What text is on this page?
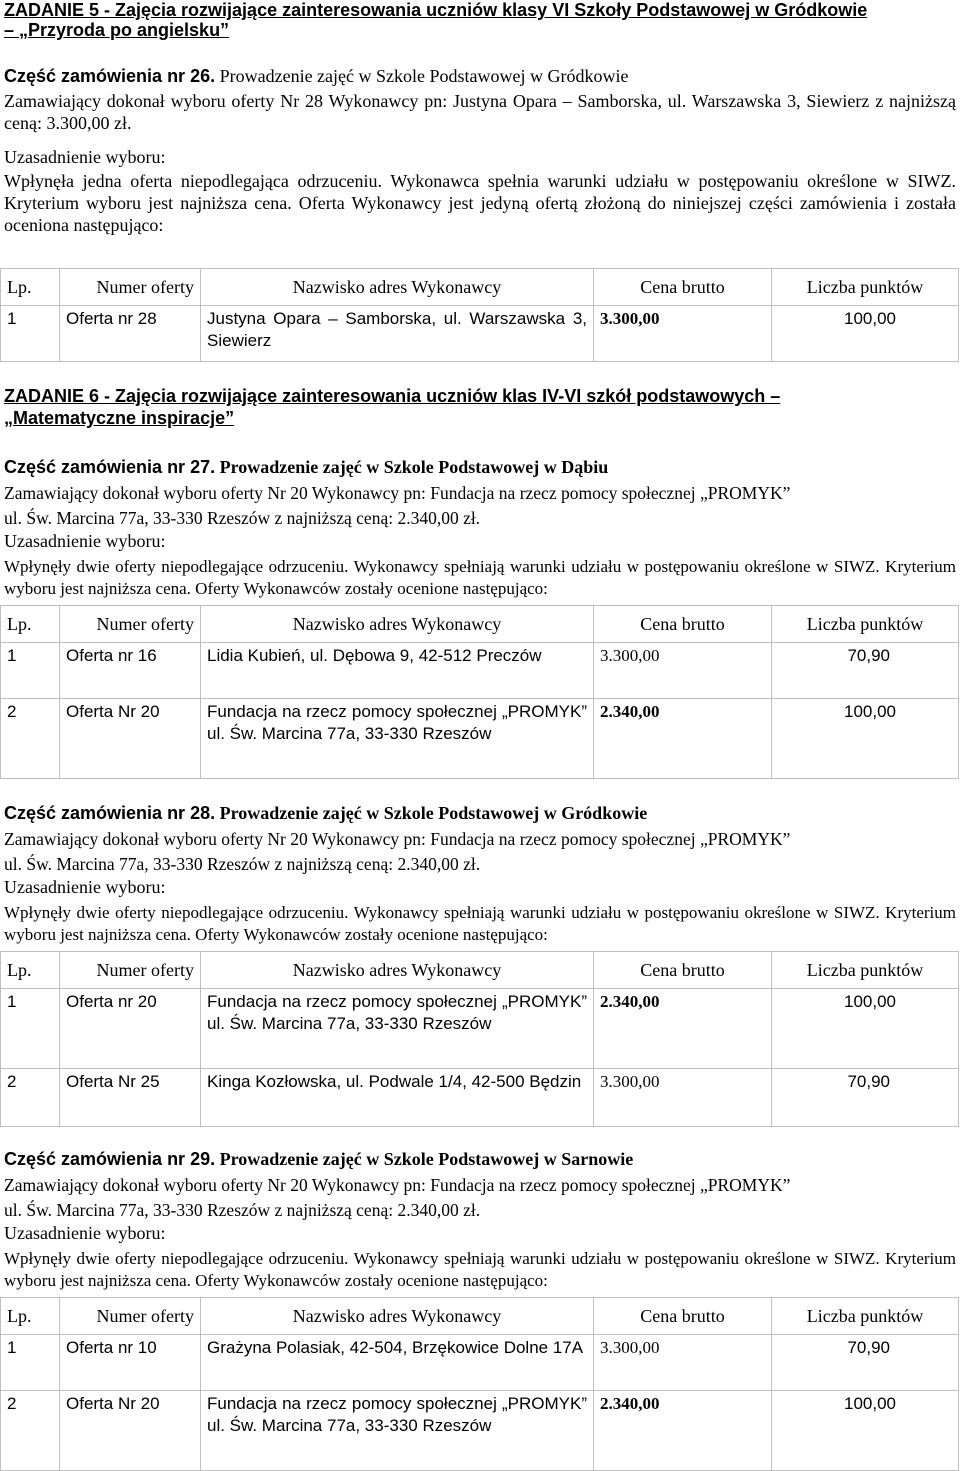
ZADANIE 5 - Zajęcia rozwijające zainteresowania uczniów klasy VI Szkoły Podstawowej w Gródkowie
– „Przyroda po angielsku”
Część zamówienia nr 26. Prowadzenie zajęć w Szkole Podstawowej w Gródkowie
Zamawiający dokonał wyboru oferty Nr 28 Wykonawcy pn: Justyna Opara – Samborska, ul. Warszawska 3, Siewierz z najniższą ceną: 3.300,00 zł.
Uzasadnienie wyboru:
Wpłynęła jedna oferta niepodlegająca odrzuceniu. Wykonawca spełnia warunki udziału w postępowaniu określone w SIWZ. Kryterium wyboru jest najniższa cena. Oferta Wykonawcy jest jedyną ofertą złożoną do niniejszej części zamówienia i została oceniona następująco:
Lp.	Numer oferty	Nazwisko adres Wykonawcy	Cena brutto	Liczba punktów
1	Oferta nr 28	Justyna Opara – Samborska, ul. Warszawska 3, Siewierz	3.300,00	100,00
ZADANIE 6 - Zajęcia rozwijające zainteresowania uczniów klas IV-VI szkół podstawowych –
„Matematyczne inspiracje”
Część zamówienia nr 27. Prowadzenie zajęć w Szkole Podstawowej w Dąbiu
Zamawiający dokonał wyboru oferty Nr 20 Wykonawcy pn: Fundacja na rzecz pomocy społecznej „PROMYK”
ul. Św. Marcina 77a, 33-330 Rzeszów z najniższą ceną: 2.340,00 zł.
Uzasadnienie wyboru:
Wpłynęły dwie oferty niepodlegające odrzuceniu. Wykonawcy spełniają warunki udziału w postępowaniu określone w SIWZ. Kryterium wyboru jest najniższa cena. Oferty Wykonawców zostały ocenione następująco:
Lp.	Numer oferty	Nazwisko adres Wykonawcy	Cena brutto	Liczba punktów
1	Oferta nr 16	Lidia Kubień, ul. Dębowa 9, 42-512 Preczów	3.300,00	70,90
2	Oferta Nr 20	Fundacja na rzecz pomocy społecznej „PROMYK” ul. Św. Marcina 77a, 33-330 Rzeszów	2.340,00	100,00
Część zamówienia nr 28. Prowadzenie zajęć w Szkole Podstawowej w Gródkowie
Zamawiający dokonał wyboru oferty Nr 20 Wykonawcy pn: Fundacja na rzecz pomocy społecznej „PROMYK”
ul. Św. Marcina 77a, 33-330 Rzeszów z najniższą ceną: 2.340,00 zł.
Uzasadnienie wyboru:
Wpłynęły dwie oferty niepodlegające odrzuceniu. Wykonawcy spełniają warunki udziału w postępowaniu określone w SIWZ. Kryterium wyboru jest najniższa cena. Oferty Wykonawców zostały ocenione następująco:
Lp.	Numer oferty	Nazwisko adres Wykonawcy	Cena brutto	Liczba punktów
1	Oferta nr 20	Fundacja na rzecz pomocy społecznej „PROMYK” ul. Św. Marcina 77a, 33-330 Rzeszów	2.340,00	100,00
2	Oferta Nr 25	Kinga Kozłowska, ul. Podwale 1/4, 42-500 Będzin	3.300,00	70,90
Część zamówienia nr 29. Prowadzenie zajęć w Szkole Podstawowej w Sarnowie
Zamawiający dokonał wyboru oferty Nr 20 Wykonawcy pn: Fundacja na rzecz pomocy społecznej „PROMYK”
ul. Św. Marcina 77a, 33-330 Rzeszów z najniższą ceną: 2.340,00 zł.
Uzasadnienie wyboru:
Wpłynęły dwie oferty niepodlegające odrzuceniu. Wykonawcy spełniają warunki udziału w postępowaniu określone w SIWZ. Kryterium wyboru jest najniższa cena. Oferty Wykonawców zostały ocenione następująco:
Lp.	Numer oferty	Nazwisko adres Wykonawcy	Cena brutto	Liczba punktów
1	Oferta nr 10	Grażyna Polasiak, 42-504, Brzękowice Dolne 17A	3.300,00	70,90
2	Oferta Nr 20	Fundacja na rzecz pomocy społecznej „PROMYK” ul. Św. Marcina 77a, 33-330 Rzeszów	2.340,00	100,00
